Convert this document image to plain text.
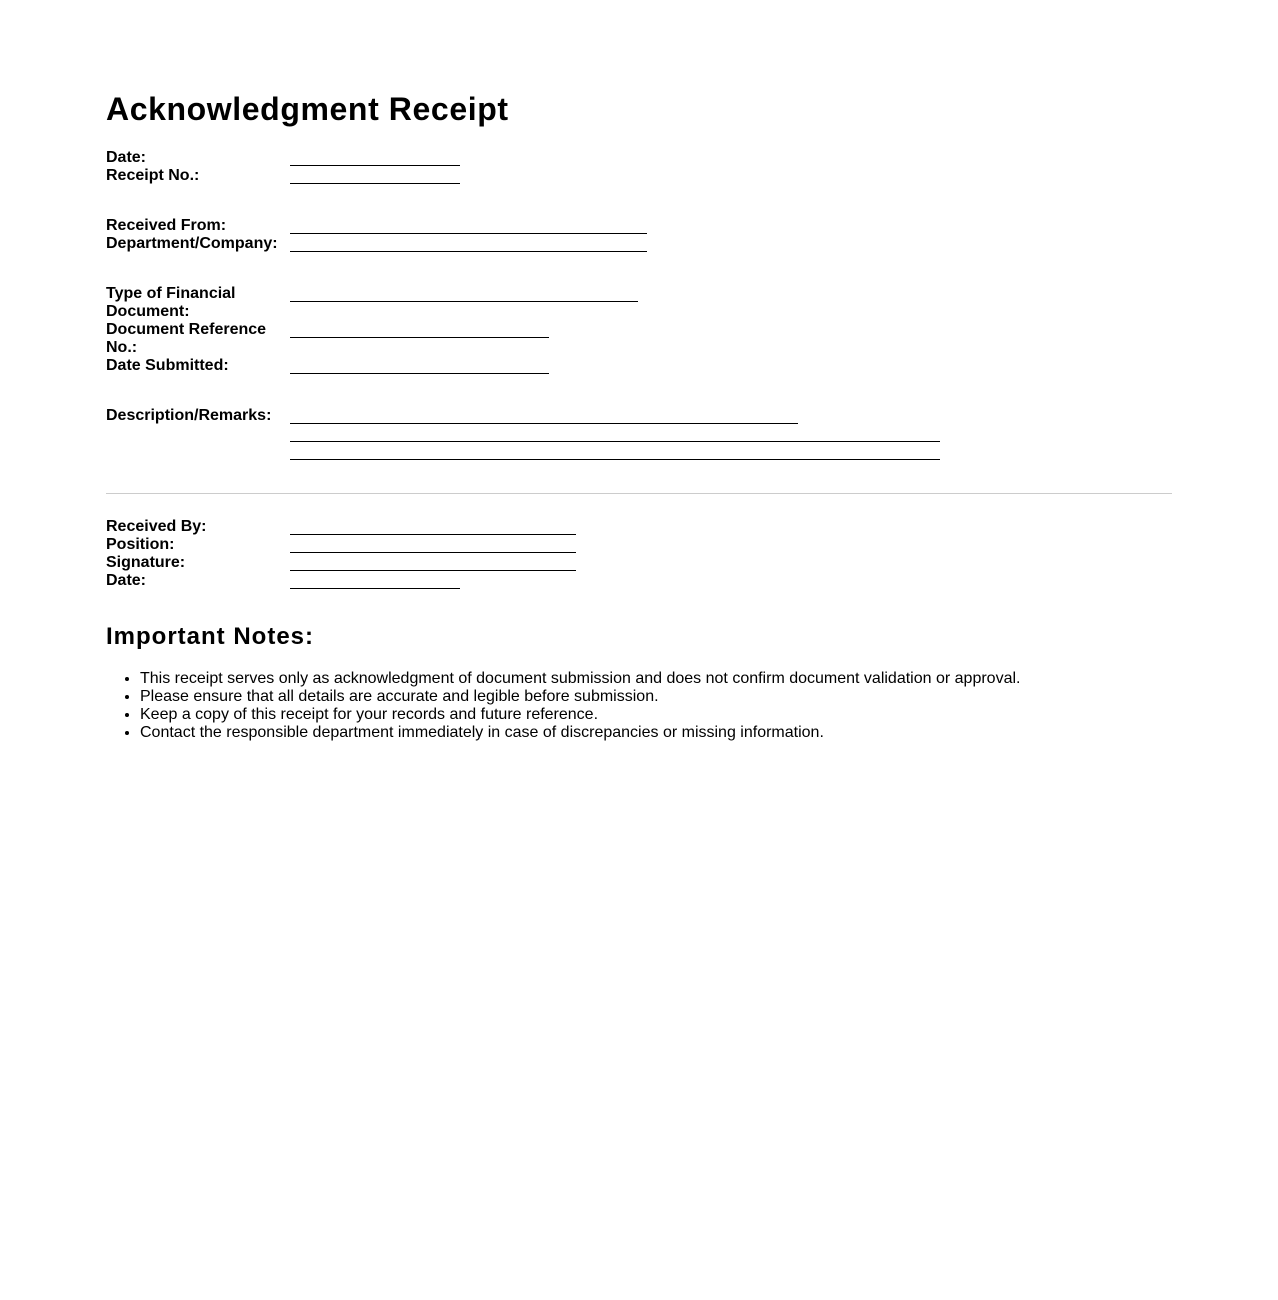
Acknowledgment Receipt
Date:
Receipt No.:
Received From:
Department/Company:
Type of Financial Document:
Document Reference No.:
Date Submitted:
Description/Remarks:
Received By:
Position:
Signature:
Date:
Important Notes:
• This receipt serves only as acknowledgment of document submission and does not confirm document validation or approval.
• Please ensure that all details are accurate and legible before submission.
• Keep a copy of this receipt for your records and future reference.
• Contact the responsible department immediately in case of discrepancies or missing information.
